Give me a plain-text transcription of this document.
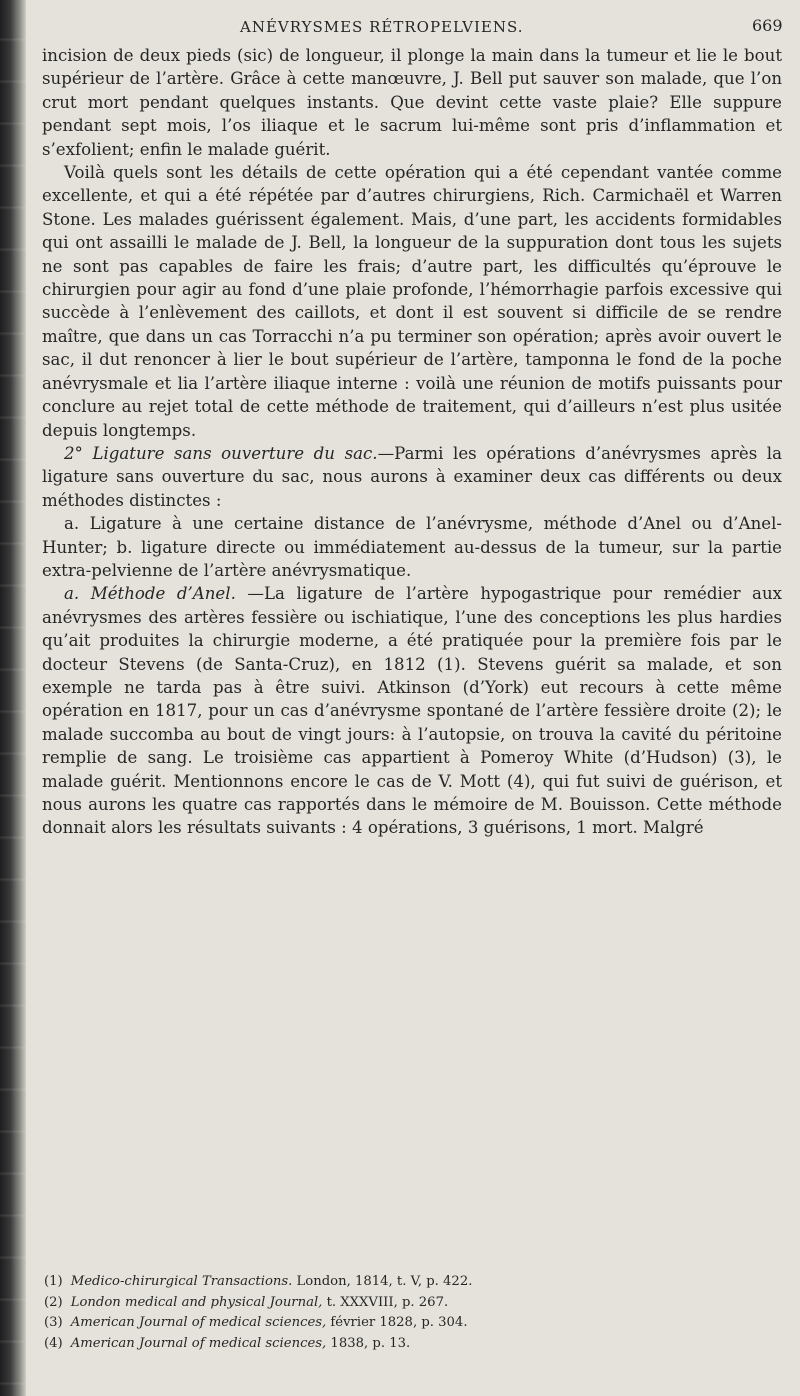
ANÉVRYSMES RÉTROPELVIENS.	669

incision de deux pieds (sic) de longueur, il plonge la main dans la tumeur et lie le bout supérieur de l’artère. Grâce à cette manœuvre, J. Bell put sauver son malade, que l’on crut mort pendant quelques instants. Que devint cette vaste plaie? Elle suppure pendant sept mois, l’os iliaque et le sacrum lui-même sont pris d’inflammation et s’exfolient; enfin le malade guérit.

Voilà quels sont les détails de cette opération qui a été cependant vantée comme excellente, et qui a été répétée par d’autres chirurgiens, Rich. Carmichaël et Warren Stone. Les malades guérissent également. Mais, d’une part, les accidents formidables qui ont assailli le malade de J. Bell, la longueur de la suppuration dont tous les sujets ne sont pas capables de faire les frais; d’autre part, les difficultés qu’éprouve le chirurgien pour agir au fond d’une plaie profonde, l’hémorrhagie parfois excessive qui succède à l’enlèvement des caillots, et dont il est souvent si difficile de se rendre maître, que dans un cas Torracchi n’a pu terminer son opération; après avoir ouvert le sac, il dut renoncer à lier le bout supérieur de l’artère, tamponna le fond de la poche anévrysmale et lia l’artère iliaque interne : voilà une réunion de motifs puissants pour conclure au rejet total de cette méthode de traitement, qui d’ailleurs n’est plus usitée depuis longtemps.

2° Ligature sans ouverture du sac.—Parmi les opérations d’anévrysmes après la ligature sans ouverture du sac, nous aurons à examiner deux cas différents ou deux méthodes distinctes :

a. Ligature à une certaine distance de l’anévrysme, méthode d’Anel ou d’Anel-Hunter; b. ligature directe ou immédiatement au-dessus de la tumeur, sur la partie extra-pelvienne de l’artère anévrysmatique.

a. Méthode d’Anel. —La ligature de l’artère hypogastrique pour remédier aux anévrysmes des artères fessière ou ischiatique, l’une des conceptions les plus hardies qu’ait produites la chirurgie moderne, a été pratiquée pour la première fois par le docteur Stevens (de Santa-Cruz), en 1812 (1). Stevens guérit sa malade, et son exemple ne tarda pas à être suivi. Atkinson (d’York) eut recours à cette même opération en 1817, pour un cas d’anévrysme spontané de l’artère fessière droite (2); le malade succomba au bout de vingt jours: à l’autopsie, on trouva la cavité du péritoine remplie de sang. Le troisième cas appartient à Pomeroy White (d’Hudson) (3), le malade guérit. Mentionnons encore le cas de V. Mott (4), qui fut suivi de guérison, et nous aurons les quatre cas rapportés dans le mémoire de M. Bouisson. Cette méthode donnait alors les résultats suivants : 4 opérations, 3 guérisons, 1 mort. Malgré

(1) Medico-chirurgical Transactions. London, 1814, t. V, p. 422.
(2) London medical and physical Journal, t. XXXVIII, p. 267.
(3) American Journal of medical sciences, février 1828, p. 304.
(4) American Journal of medical sciences, 1838, p. 13.
